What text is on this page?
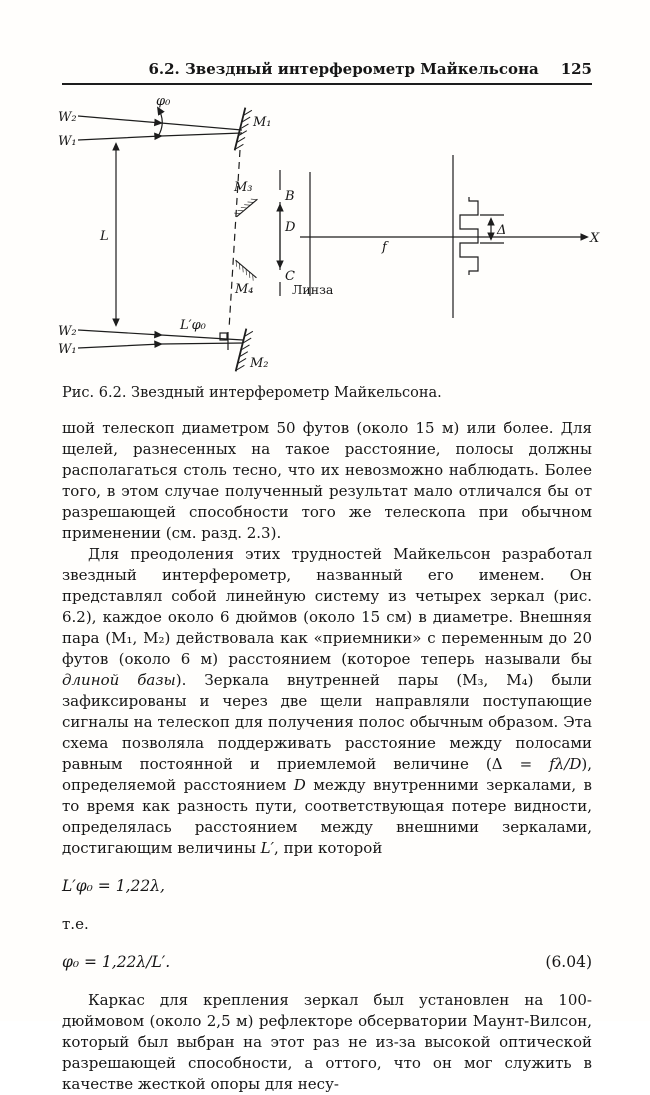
6.2. Звездный интерферометр Майкельсона 125
W₂
W₁
φ₀
M₁
L
M₃
M₄
B
D
C
Линза
f
X
Δ
W₂
W₁
L′φ₀
M₂
Рис. 6.2. Звездный интерферометр Майкельсона.

шой телескоп диаметром 50 футов (около 15 м) или более. Для щелей, разнесенных на такое расстояние, полосы должны располагаться столь тесно, что их невозможно наблюдать. Более того, в этом случае полученный результат мало отличался бы от разрешающей способности того же телескопа при обычном применении (см. разд. 2.3).

Для преодоления этих трудностей Майкельсон разработал звездный интерферометр, названный его именем. Он представлял собой линейную систему из четырех зеркал (рис. 6.2), каждое около 6 дюймов (около 15 см) в диаметре. Внешняя пара (M₁, M₂) действовала как «приемники» с переменным до 20 футов (около 6 м) расстоянием (которое теперь называли бы длиной базы). Зеркала внутренней пары (M₃, M₄) были зафиксированы и через две щели направляли поступающие сигналы на телескоп для получения полос обычным образом. Эта схема позволяла поддерживать расстояние между полосами равным постоянной и приемлемой величине (Δ = fλ/D), определяемой расстоянием D между внутренними зеркалами, в то время как разность пути, соответствующая потере видности, определялась расстоянием между внешними зеркалами, достигающим величины L′, при которой

L′φ₀ = 1,22λ,

т.е.

φ₀ = 1,22λ/L′.	(6.04)

Каркас для крепления зеркал был установлен на 100-дюймовом (около 2,5 м) рефлекторе обсерватории Маунт-Вилсон, который был выбран на этот раз не из-за высокой оптической разрешающей способности, а оттого, что он мог служить в качестве жесткой опоры для несу-
